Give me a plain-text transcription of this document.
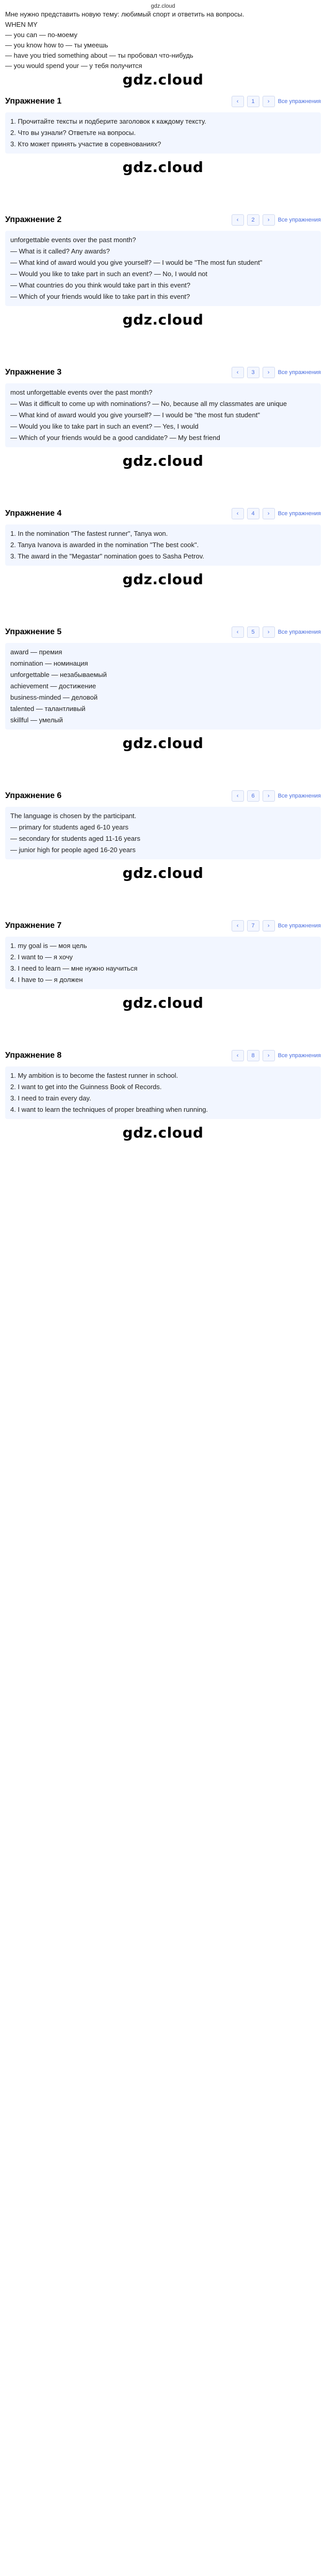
gdz.cloud
Мне нужно представить новую тему: любимый спорт и ответить на вопросы.
WHEN MY
— you can — по-моему
— you know how to — ты умеешь
— have you tried something about — ты пробовал что-нибудь
— you would spend your — у тебя получится
gdz.cloud
Упражнение 1	‹	1	›	Все упражнения
1. Прочитайте тексты и подберите заголовок к каждому тексту.
2. Что вы узнали? Ответьте на вопросы.
3. Кто может принять участие в соревнованиях?
gdz.cloud
Упражнение 2	‹	2	›	Все упражнения
unforgettable events over the past month?
— What is it called? Any awards?
— What kind of award would you give yourself? — I would be "The most fun student"
— Would you like to take part in such an event? — No, I would not
— What countries do you think would take part in this event?
— Which of your friends would like to take part in this event?
gdz.cloud
Упражнение 3	‹	3	›	Все упражнения
most unforgettable events over the past month?
— Was it difficult to come up with nominations? — No, because all my classmates are unique
— What kind of award would you give yourself? — I would be "the most fun student"
— Would you like to take part in such an event? — Yes, I would
— Which of your friends would be a good candidate? — My best friend
gdz.cloud
Упражнение 4	‹	4	›	Все упражнения
1. In the nomination "The fastest runner", Tanya won.
2. Tanya Ivanova is awarded in the nomination "The best cook".
3. The award in the "Megastar" nomination goes to Sasha Petrov.
gdz.cloud
Упражнение 5	‹	5	›	Все упражнения
award — премия
nomination — номинация
unforgettable — незабываемый
achievement — достижение
business-minded — деловой
talented — талантливый
skillful — умелый
gdz.cloud
Упражнение 6	‹	6	›	Все упражнения
The language is chosen by the participant.
— primary for students aged 6-10 years
— secondary for students aged 11-16 years
— junior high for people aged 16-20 years
gdz.cloud
Упражнение 7	‹	7	›	Все упражнения
1. my goal is — моя цель
2. I want to — я хочу
3. I need to learn — мне нужно научиться
4. I have to — я должен
gdz.cloud
Упражнение 8	‹	8	›	Все упражнения
1. My ambition is to become the fastest runner in school.
2. I want to get into the Guinness Book of Records.
3. I need to train every day.
4. I want to learn the techniques of proper breathing when running.
gdz.cloud
